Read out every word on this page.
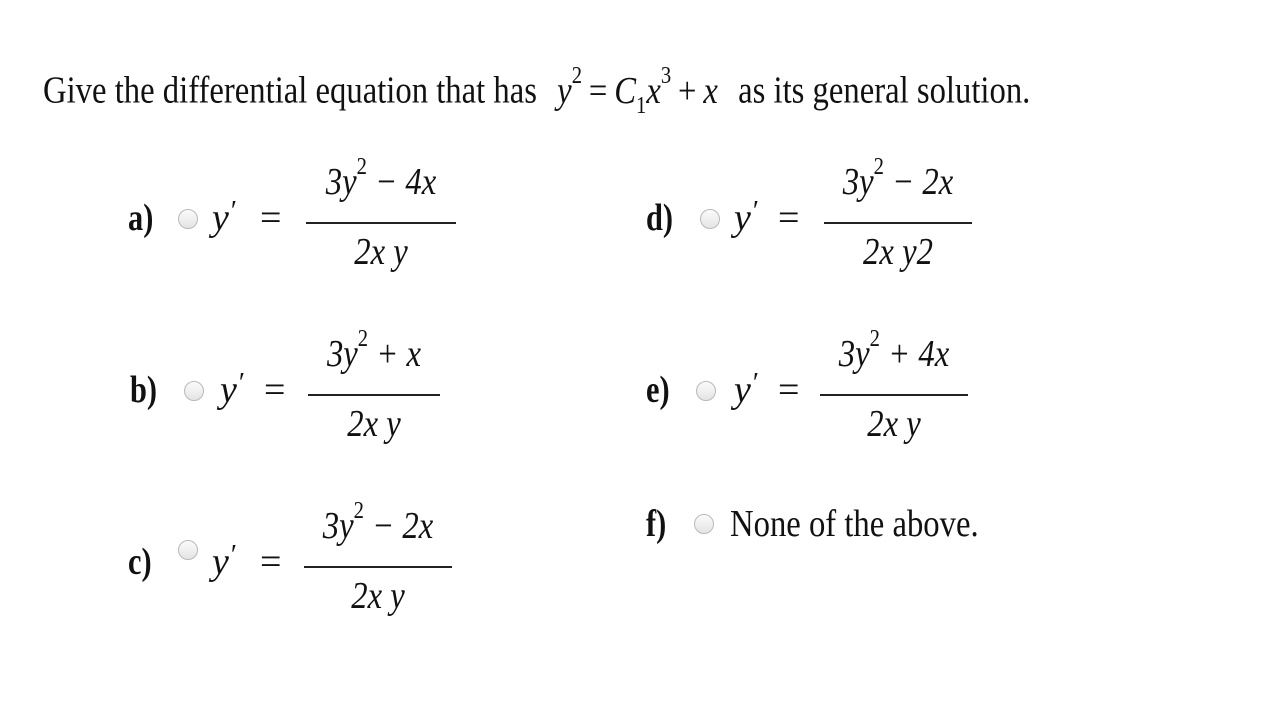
Give the differential equation that has $y^2 = C_1x^3 + x$ as its general solution.
a) y′ =
$3y^2 - 4x$
2x y
b) y′ =
$3y^2 + x$
2x y
c) y′ =
$3y^2 - 2x$
2x y
d) y′ =
$3y^2 - 2x$
2x y2
e) y′ =
$3y^2 + 4x$
2x y
f) None of the above.
